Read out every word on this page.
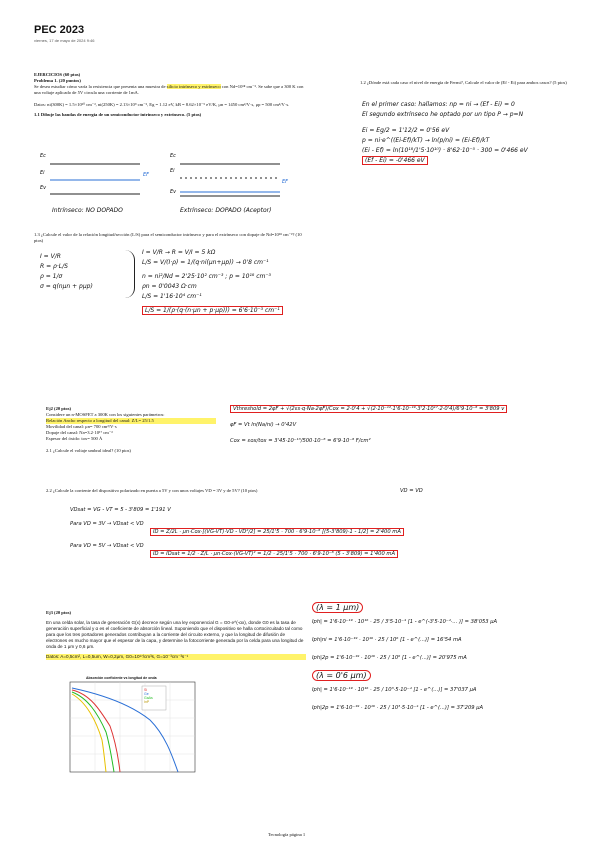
PEC 2023
viernes, 17 de mayo de 2024 9:46
EJERCICIOS (60 ptos)
Problema 1. (20 puntos)
Se desea estudiar cómo varía la resistencia que presenta una muestra de silicio intrínseco y extrínseco con Nd=10¹⁸ cm⁻³. Se sabe que a 300 K con una voltaje aplicado de 5V circula una corriente de 1mA.
Datos: ni(300K) = 1.5×10¹⁰ cm⁻³, ni(250K) = 2.13×10⁹ cm⁻³, Eg = 1.12 eV, kB = 8.62×10⁻⁵ eV/K, μn = 1450 cm²/V·s, μp = 500 cm²/V·s.
1.1 Dibuje las bandas de energía de un semiconductor intrínseco y extrínseco. (5 ptos)
Ec
Ei	EF
Ev
Ec
Ei
EF
Ev
Intrínseco: NO DOPADO	Extrínseco: DOPADO (Aceptor)
1.2 ¿Dónde está cada caso el nivel de energía de Fermi?, Calcule el valor de (Ef - Ei) para ambos casos? (5 ptos)
En el primer caso: hallamos: np = ni → (Ef - Ei) = 0
El segundo extrínseco he optado por un tipo P → p=N
Ei = Eg/2 = 1'12/2 = 0'56 eV
p = ni·e^((Ei-Ef)/kT) → ln(p/ni) = (Ei-Ef)/kT
(Ei - Ef) = ln(10¹⁸/1'5·10¹⁰) · 8'62·10⁻⁵ · 300 = 0'466 eV
(Ef - Ei) = -0'466 eV
1.3 ¿Calcule el valor de la relación longitud/sección (L/S) para el semiconductor intrínseco y para el extrínseco con dopaje de Nd=10¹⁸ cm⁻³? (10 ptos)
I = V/R
R = ρ·L/S
ρ = 1/σ
σ = q(nμn + pμp)
I = V/R → R = V/I = 5 kΩ
L/S = V/(I·ρ) = 1/(q·ni(μn+μp)) → 0'8 cm⁻¹
n = ni²/Nd = 2'25·10² cm⁻³ ; p = 10¹⁸ cm⁻³
ρn = 0'0043 Ω·cm
L/S = 1'16·10⁴ cm⁻¹
L/S = 1/(ρ·(q·(n·μn + p·μp))) = 6'6·10⁻³ cm⁻¹
Ej2 (20 ptos)
Considere un n-MOSFET a 300K con los siguientes parámetros:
Relación Ancho respecto a longitud del canal: Z/L= 25/1.5
Movilidad del canal: μn= 700 cm²/V·s
Dopaje del canal: Na=3.2·10¹⁷ cm⁻³
Espesor del óxido: tox= 500 Å
2.1 ¿Calcule el voltaje umbral ideal? (10 ptos)
Vthreshold = 2φF + √(2εs·q·Na·2φF)/Cox = 2·0'4 + √(2·10⁻¹²·1'6·10⁻¹⁹·3'2·10¹⁷·2·0'4)/6'9·10⁻⁸ = 3'809 v
φF = Vt ln(Na/ni) → 0'42V
Cox = εox/tox = 3'45·10⁻¹³/500·10⁻⁸ = 6'9·10⁻⁸ F/cm²
2.2 ¿Calcule la corriente del dispositivo polarizado en puerta a 5V y con unos voltajes VD = 3V y de 5V? (10 ptos)	VD = VD
VDsat = VG - VT = 5 - 3'809 = 1'191 V
Para VD = 3V → VDsat < VD
ID = Z/2L · μn·Cox·[(VG-VT)·VD - VD²/2] = 25/1'5 · 700 · 6'9·10⁻⁸ [(5-3'809)·1 - 1/2] = 2'400 mA
Para VD = 5V → VDsat < VD
ID = IDsat = 1/2 · Z/L · μn·Cox·(VG-VT)² = 1/2 · 25/1'5 · 700 · 6'9·10⁻⁸ (5 - 3'809) = 1'400 mA
Ej3 (20 ptos)
En una celda solar, la tasa de generación G(x) decrece según una ley exponencial G = G0·e^(-αx), donde G0 es la tasa de generación superficial y α es el coeficiente de absorción lineal. Suponiendo que el dispositivo se halla cortocircuitado tal como para que los tres portadores generados contribuyan a la corriente del circuito externo, y que la longitud de difusión de electrones es mucho mayor que el espesor de la capa, y determine la fotocorriente generada por la celda para una longitud de onda de 1 μm y 0,6 μm.
Datos: A=0,5cm², L=0,5um, W=0,2μm, G0=10¹⁷/cm³s, G=10⁻³cm⁻³s⁻¹
Absorción coeficiente vs longitud de onda
Si
Ge
GaAs
InP
(λ = 1 μm)
Iph| = 1'6·10⁻¹⁹ · 10¹⁶ · 25 / 3'5·10⁻⁴ [1 - e^(-3'5·10⁻⁴·... )] = 38'053 μA
Iph|ni = 1'6·10⁻¹⁹ · 10¹⁶ · 25 / 10⁶ [1 - e^(...)] = 16'54 mA
Iph|2p = 1'6·10⁻¹⁹ · 10¹⁶ · 25 / 10⁶ [1 - e^(...)] = 20'975 mA
(λ = 0'6 μm)
Iph| = 1'6·10⁻¹⁹ · 10¹⁶ · 25 / 10³·5·10⁻⁴ [1 - e^(...)] = 37'037 μA
Iph|2p = 1'6·10⁻¹⁹ · 10¹⁶ · 25 / 10³·5·10⁻⁴ [1 - e^(...)] = 37'209 μA
Tecnología página 1
